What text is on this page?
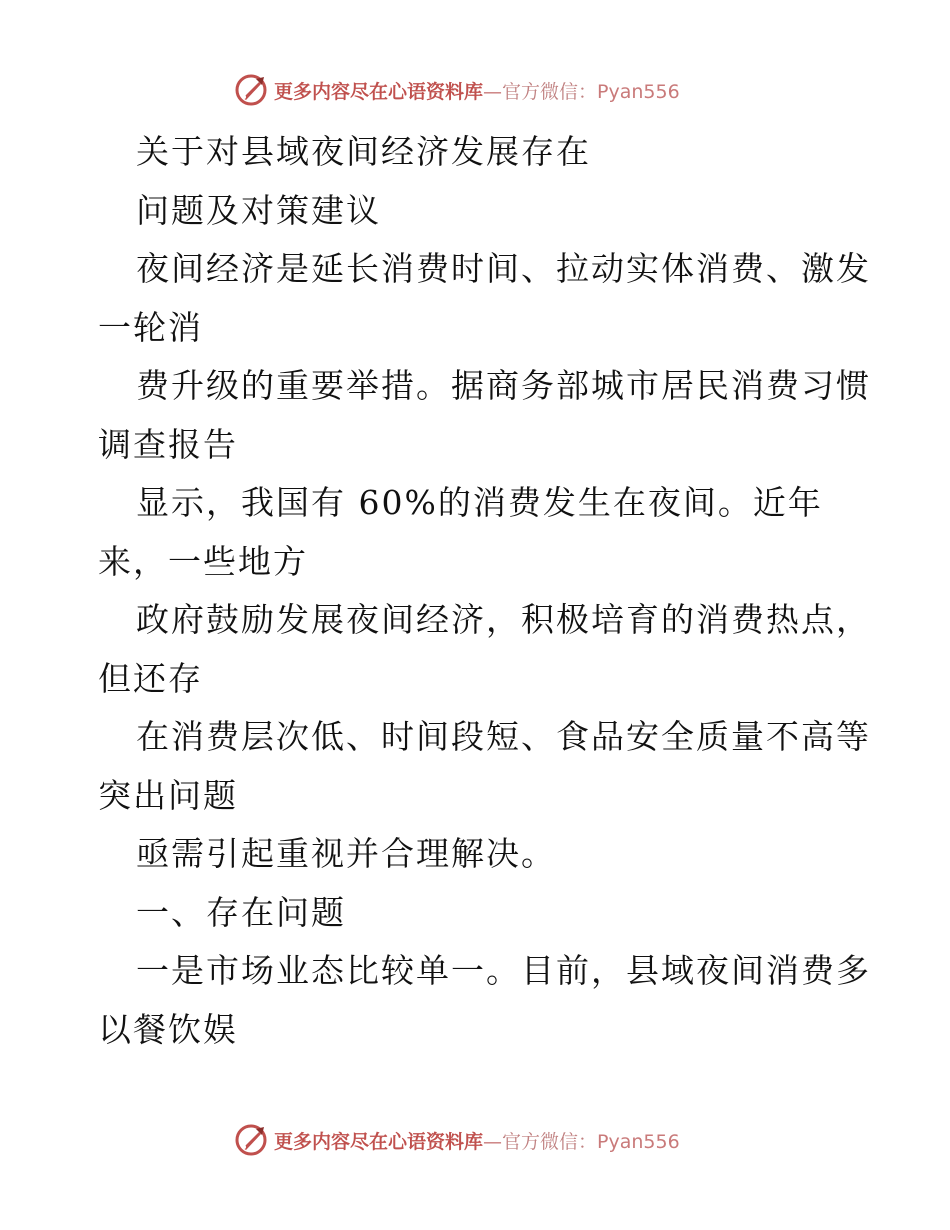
更多内容尽在心语资料库—官方微信：Pyan556
关于对县域夜间经济发展存在
问题及对策建议
夜间经济是延长消费时间、拉动实体消费、激发
一轮消
费升级的重要举措。据商务部城市居民消费习惯
调查报告
显示，我国有 60%的消费发生在夜间。近年
来，一些地方
政府鼓励发展夜间经济，积极培育的消费热点，
但还存
在消费层次低、时间段短、食品安全质量不高等
突出问题
亟需引起重视并合理解决。
一、存在问题
一是市场业态比较单一。目前，县域夜间消费多
以餐饮娱
更多内容尽在心语资料库—官方微信：Pyan556
